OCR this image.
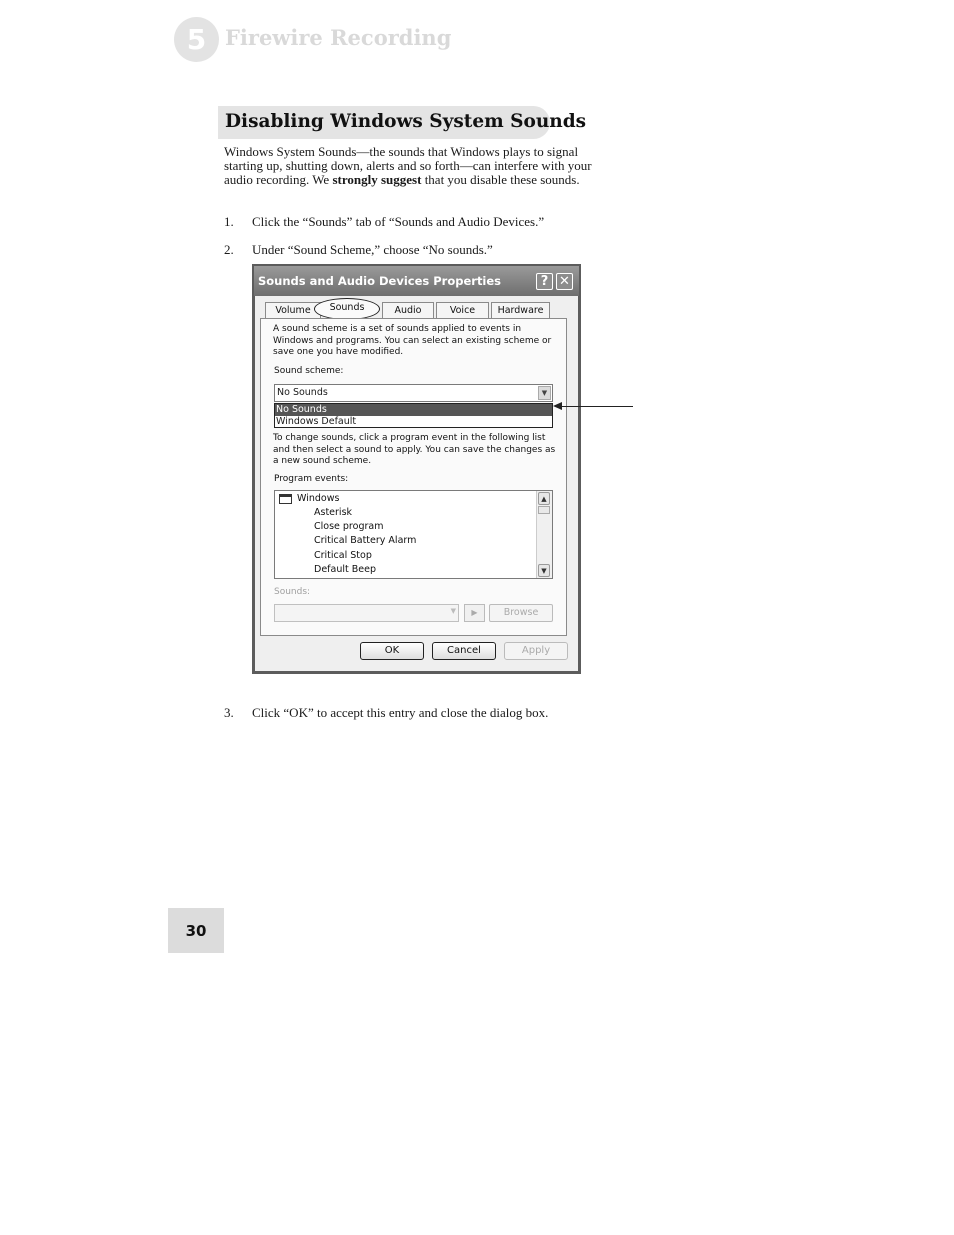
5 Firewire Recording
Disabling Windows System Sounds
Windows System Sounds—the sounds that Windows plays to signal starting up, shutting down, alerts and so forth—can interfere with your audio recording. We strongly suggest that you disable these sounds.
1. Click the “Sounds” tab of “Sounds and Audio Devices.”
2. Under “Sound Scheme,” choose “No sounds.”
Sounds and Audio Devices Properties	? ✕
Volume	Sounds	Audio	Voice	Hardware
A sound scheme is a set of sounds applied to events in Windows and programs. You can select an existing scheme or save one you have modified.
Sound scheme:
No Sounds	▼
No Sounds
Windows Default
To change sounds, click a program event in the following list and then select a sound to apply. You can save the changes as a new sound scheme.
Program events:
Windows
Asterisk
Close program
Critical Battery Alarm
Critical Stop
Default Beep
▲
▼
Sounds:
▼	▶	Browse
OK	Cancel	Apply
3. Click “OK” to accept this entry and close the dialog box.
30
